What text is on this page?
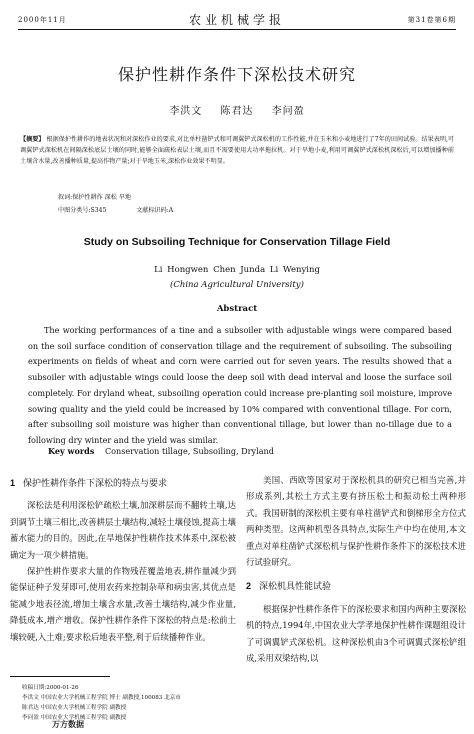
2000年11月	农业机械学报	第31卷第6期
保护性耕作条件下深松技术研究
李洪文 陈君达 李问盈
【摘要】 根据保护性耕作的地表状况和对深松作业的要求,对比单柱凿铲式和可调翼铲式深松机的工作性能,并在玉米和小麦地进行了7年的田间试验。结果表明,可调翼铲式深松机在间隔深松底层土壤的同时,能够全面疏松表层土壤,而且不需要使用大功率拖拉机。对于旱地小麦,利用可调翼铲式深松机深松后,可以增加播种前土壤含水量,改善播种质量,提高作物产量;对于旱地玉米,深松作业效果不明显。
叙词:保护性耕作 深松 旱地
中图分类号:S345	文献标识码:A
Study on Subsoiling Technique for Conservation Tillage Field
Li Hongwen Chen Junda Li Wenying
(China Agricultural University)
Abstract
The working performances of a tine and a subsoiler with adjustable wings were compared based on the soil surface condition of conservation tillage and the requirement of subsoiling. The subsoiling experiments on fields of wheat and corn were carried out for seven years. The results showed that a subsoiler with adjustable wings could loose the deep soil with dead interval and loose the surface soil completely. For dryland wheat, subsoiling operation could increase pre-planting soil moisture, improve sowing quality and the yield could be increased by 10% compared with conventional tillage. For corn, after subsoiling soil moisture was higher than conventional tillage, but lower than no-tillage due to a following dry winter and the yield was similar.
Key words Conservation tillage, Subsoiling, Dryland
1 保护性耕作条件下深松的特点与要求

深松法是利用深松铲疏松土壤,加深耕层而不翻转土壤,达到调节土壤三相比,改善耕层土壤结构,减轻土壤侵蚀,提高土壤蓄水能力的目的。因此,在旱地保护性耕作技术体系中,深松被确定为一项少耕措施。

保护性耕作要求大量的作物残茬覆盖地表,耕作量减少到能保证种子发芽即可,使用农药来控制杂草和病虫害,其优点是能减少地表径流,增加土壤含水量,改善土壤结构,减少作业量,降低成本,增产增收。保护性耕作条件下深松的特点是:松前土壤较硬,入土难;要求松后地表平整,利于后续播种作业。

美国、西欧等国家对于深松机具的研究已相当完善,并形成系列,其松土方式主要有挤压松土和振动松土两种形式。我国研制的深松机主要有单柱凿铲式和倒梯形全方位式两种类型。这两种机型各具特点,实际生产中均在使用,本文重点对单柱凿铲式深松机与保护性耕作条件下的深松技术进行试验研究。

2 深松机具性能试验

根据保护性耕作条件下的深松要求和国内两种主要深松机的特点,1994年,中国农业大学孝地保护性耕作课题组设计了可调翼铲式深松机。这种深松机由3个可调翼式深松铲组成,采用双梁结构,以

收稿日期:2000-01-26
李洪文 中国农业大学机械工程学院 博士 副教授,100083 北京市
陈君达 中国农业大学机械工程学院 副教授
李问盈 中国农业大学机械工程学院 副教授
万方数据
